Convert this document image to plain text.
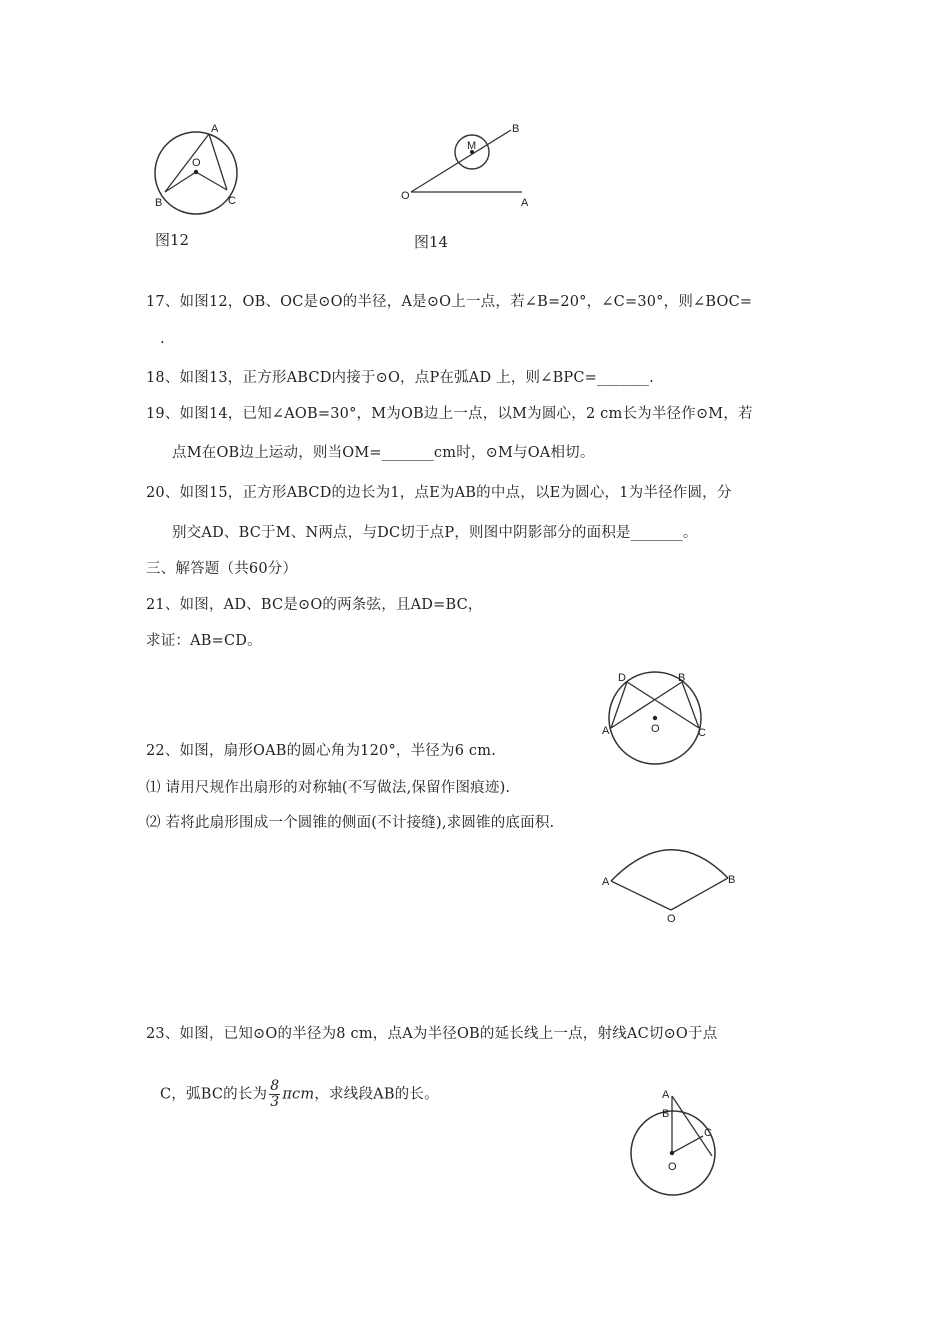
A
O
B	C
图12
B
M
O
A
图14
17、如图12，OB、OC是⊙O的半径，A是⊙O上一点，若∠B=20°，∠C=30°，则∠BOC=
.
18、如图13，正方形ABCD内接于⊙O，点P在弧AD 上，则∠BPC=_______.
19、如图14，已知∠AOB=30°，M为OB边上一点，以M为圆心，2 cm长为半径作⊙M，若
点M在OB边上运动，则当OM=_______cm时，⊙M与OA相切。
20、如图15，正方形ABCD的边长为1，点E为AB的中点，以E为圆心，1为半径作圆，分
别交AD、BC于M、N两点，与DC切于点P，则图中阴影部分的面积是_______。
三、解答题（共60分）
21、如图，AD、BC是⊙O的两条弦，且AD=BC，
求证：AB=CD。
D	B
A	O	C
22、如图，扇形OAB的圆心角为120°，半径为6 cm.
⑴ 请用尺规作出扇形的对称轴(不写做法,保留作图痕迹).
⑵ 若将此扇形围成一个圆锥的侧面(不计接缝),求圆锥的底面积.
A	B
O
23、如图，已知⊙O的半径为8 cm，点A为半径OB的延长线上一点，射线AC切⊙O于点
C，弧BC的长为 $\frac{8}{3}$ πcm，求线段AB的长。	A
B
C
O
